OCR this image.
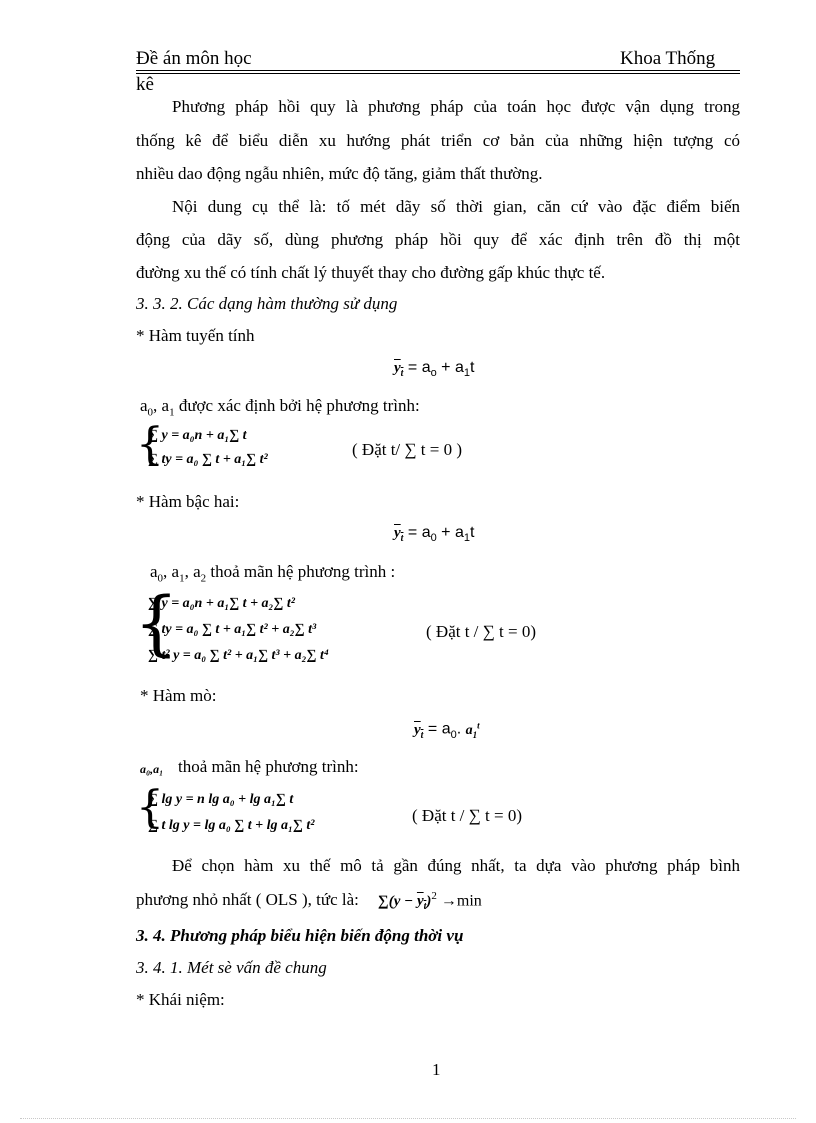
Đề án môn học	Khoa Thống
kê
Phương pháp hồi quy là phương pháp của toán học được vận dụng trong
thống kê để biểu diễn xu hướng phát triển cơ bản của những hiện tượng có
nhiều dao động ngẫu nhiên, mức độ tăng, giảm thất thường.
Nội dung cụ thể là: tố mét dãy số thời gian, căn cứ vào đặc điểm biến
động của dãy số, dùng phương pháp hồi quy để xác định trên đồ thị một
đường xu thế có tính chất lý thuyết thay cho đường gấp khúc thực tế.
3. 3. 2. Các dạng hàm thường sử dụng
* Hàm tuyến tính
$y_t = a_o + a_1t$
$a_0$, $a_1$ được xác định bởi hệ phương trình:
{
∑ y = a₀n + a₁∑ t
∑ ty = a₀ ∑ t + a₁∑ t²
( Đặt t/ ∑ t = 0 )
* Hàm bậc hai:
$y_t = a_0 + a_1t$
$a_0$, $a_1$, $a_2$ thoả mãn hệ phương trình :
{
∑ y = a₀n + a₁∑ t + a₂∑ t²
∑ ty = a₀ ∑ t + a₁∑ t² + a₂∑ t³
∑ t² y = a₀ ∑ t² + a₁∑ t³ + a₂∑ t⁴
( Đặt t / ∑ t = 0)
* Hàm mò:
$y_t = a_0$. $a_1^t$
a₀,a₁ thoả mãn hệ phương trình:
{
∑ lg y = n lg a₀ + lg a₁∑ t
∑ t lg y = lg a₀ ∑ t + lg a₁∑ t²
( Đặt t / ∑ t = 0)
Để chọn hàm xu thế mô tả gần đúng nhất, ta dựa vào phương pháp bình
phương nhỏ nhất ( OLS ), tức là: $\sum(y - y_t)^2 \to\min$
3. 4. Phương pháp biểu hiện biến động thời vụ
3. 4. 1. Mét sè vấn đề chung
* Khái niệm:
1
